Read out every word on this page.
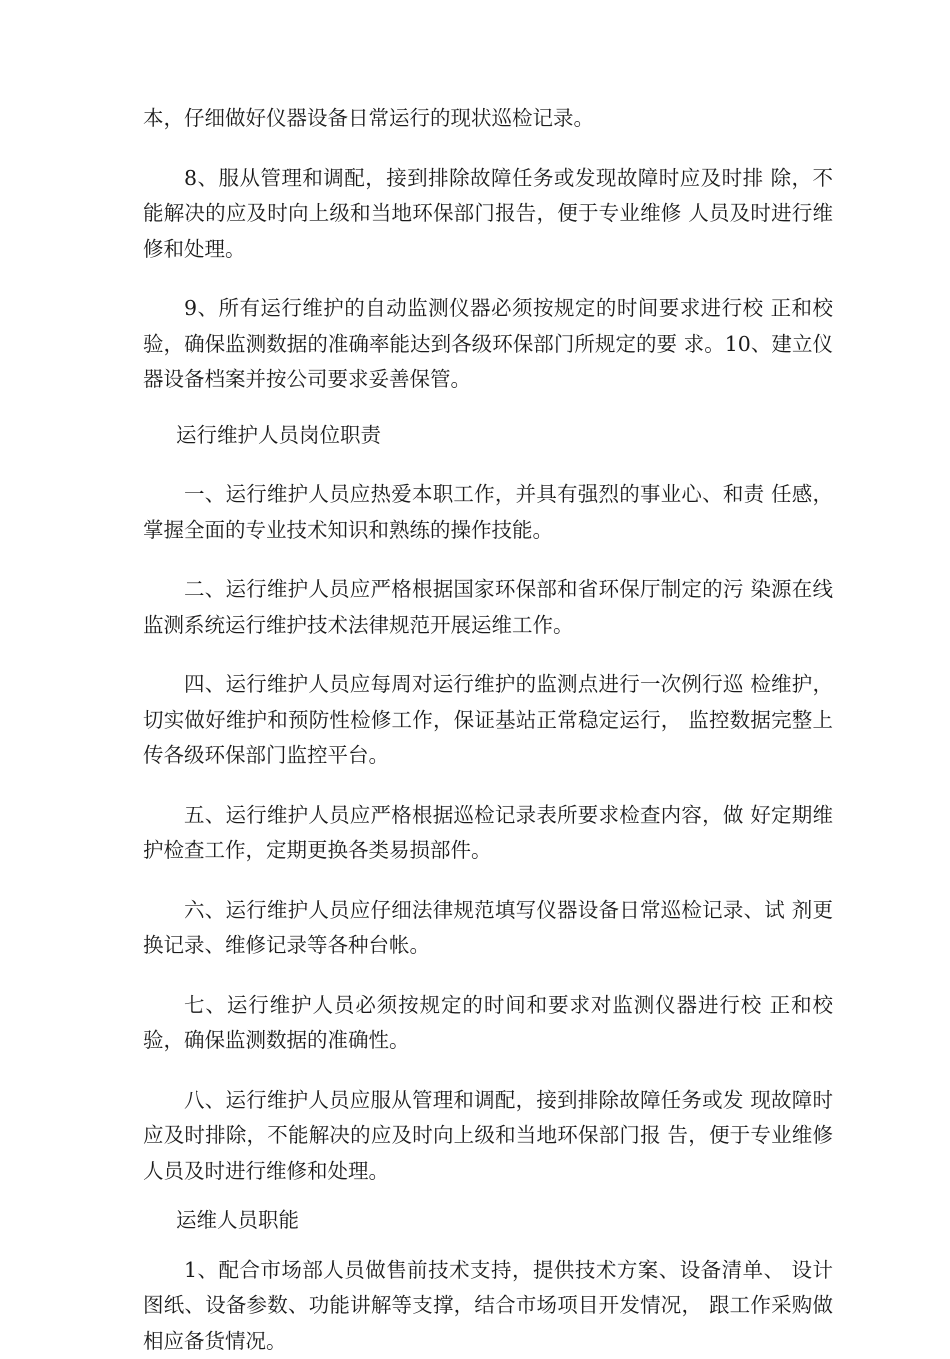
本，仔细做好仪器设备日常运行的现状巡检记录。

8、服从管理和调配，接到排除故障任务或发现故障时应及时排 除，不能解决的应及时向上级和当地环保部门报告，便于专业维修 人员及时进行维修和处理。

9、所有运行维护的自动监测仪器必须按规定的时间要求进行校 正和校验，确保监测数据的准确率能达到各级环保部门所规定的要 求。10、建立仪器设备档案并按公司要求妥善保管。

运行维护人员岗位职责

一、运行维护人员应热爱本职工作，并具有强烈的事业心、和责 任感，掌握全面的专业技术知识和熟练的操作技能。

二、运行维护人员应严格根据国家环保部和省环保厅制定的污 染源在线监测系统运行维护技术法律规范开展运维工作。

四、运行维护人员应每周对运行维护的监测点进行一次例行巡 检维护，切实做好维护和预防性检修工作，保证基站正常稳定运行， 监控数据完整上传各级环保部门监控平台。

五、运行维护人员应严格根据巡检记录表所要求检查内容，做 好定期维护检查工作，定期更换各类易损部件。

六、运行维护人员应仔细法律规范填写仪器设备日常巡检记录、试 剂更换记录、维修记录等各种台帐。

七、运行维护人员必须按规定的时间和要求对监测仪器进行校 正和校验，确保监测数据的准确性。

八、运行维护人员应服从管理和调配，接到排除故障任务或发 现故障时应及时排除，不能解决的应及时向上级和当地环保部门报 告，便于专业维修人员及时进行维修和处理。

运维人员职能

1、配合市场部人员做售前技术支持，提供技术方案、设备清单、 设计图纸、设备参数、功能讲解等支撑，结合市场项目开发情况， 跟工作采购做相应备货情况。
